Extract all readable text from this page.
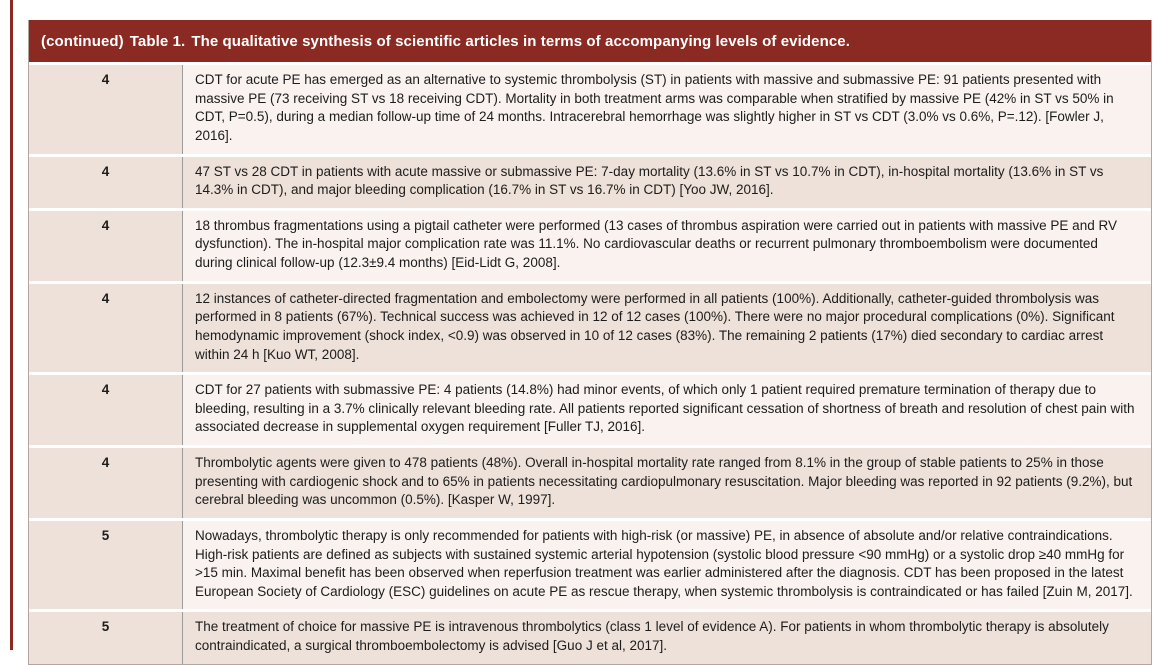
(continued) Table 1. The qualitative synthesis of scientific articles in terms of accompanying levels of evidence.
4	CDT for acute PE has emerged as an alternative to systemic thrombolysis (ST) in patients with massive and submassive PE: 91 patients presented with massive PE (73 receiving ST vs 18 receiving CDT). Mortality in both treatment arms was comparable when stratified by massive PE (42% in ST vs 50% in CDT, P=0.5), during a median follow-up time of 24 months. Intracerebral hemorrhage was slightly higher in ST vs CDT (3.0% vs 0.6%, P=.12). [Fowler J, 2016].
4	47 ST vs 28 CDT in patients with acute massive or submassive PE: 7-day mortality (13.6% in ST vs 10.7% in CDT), in-hospital mortality (13.6% in ST vs 14.3% in CDT), and major bleeding complication (16.7% in ST vs 16.7% in CDT) [Yoo JW, 2016].
4	18 thrombus fragmentations using a pigtail catheter were performed (13 cases of thrombus aspiration were carried out in patients with massive PE and RV dysfunction). The in-hospital major complication rate was 11.1%. No cardiovascular deaths or recurrent pulmonary thromboembolism were documented during clinical follow-up (12.3±9.4 months) [Eid-Lidt G, 2008].
4	12 instances of catheter-directed fragmentation and embolectomy were performed in all patients (100%). Additionally, catheter-guided thrombolysis was performed in 8 patients (67%). Technical success was achieved in 12 of 12 cases (100%). There were no major procedural complications (0%). Significant hemodynamic improvement (shock index, <0.9) was observed in 10 of 12 cases (83%). The remaining 2 patients (17%) died secondary to cardiac arrest within 24 h [Kuo WT, 2008].
4	CDT for 27 patients with submassive PE: 4 patients (14.8%) had minor events, of which only 1 patient required premature termination of therapy due to bleeding, resulting in a 3.7% clinically relevant bleeding rate. All patients reported significant cessation of shortness of breath and resolution of chest pain with associated decrease in supplemental oxygen requirement [Fuller TJ, 2016].
4	Thrombolytic agents were given to 478 patients (48%). Overall in-hospital mortality rate ranged from 8.1% in the group of stable patients to 25% in those presenting with cardiogenic shock and to 65% in patients necessitating cardiopulmonary resuscitation. Major bleeding was reported in 92 patients (9.2%), but cerebral bleeding was uncommon (0.5%). [Kasper W, 1997].
5	Nowadays, thrombolytic therapy is only recommended for patients with high-risk (or massive) PE, in absence of absolute and/or relative contraindications. High-risk patients are defined as subjects with sustained systemic arterial hypotension (systolic blood pressure <90 mmHg) or a systolic drop ≥40 mmHg for >15 min. Maximal benefit has been observed when reperfusion treatment was earlier administered after the diagnosis. CDT has been proposed in the latest European Society of Cardiology (ESC) guidelines on acute PE as rescue therapy, when systemic thrombolysis is contraindicated or has failed [Zuin M, 2017].
5	The treatment of choice for massive PE is intravenous thrombolytics (class 1 level of evidence A). For patients in whom thrombolytic therapy is absolutely contraindicated, a surgical thromboembolectomy is advised [Guo J et al, 2017].
